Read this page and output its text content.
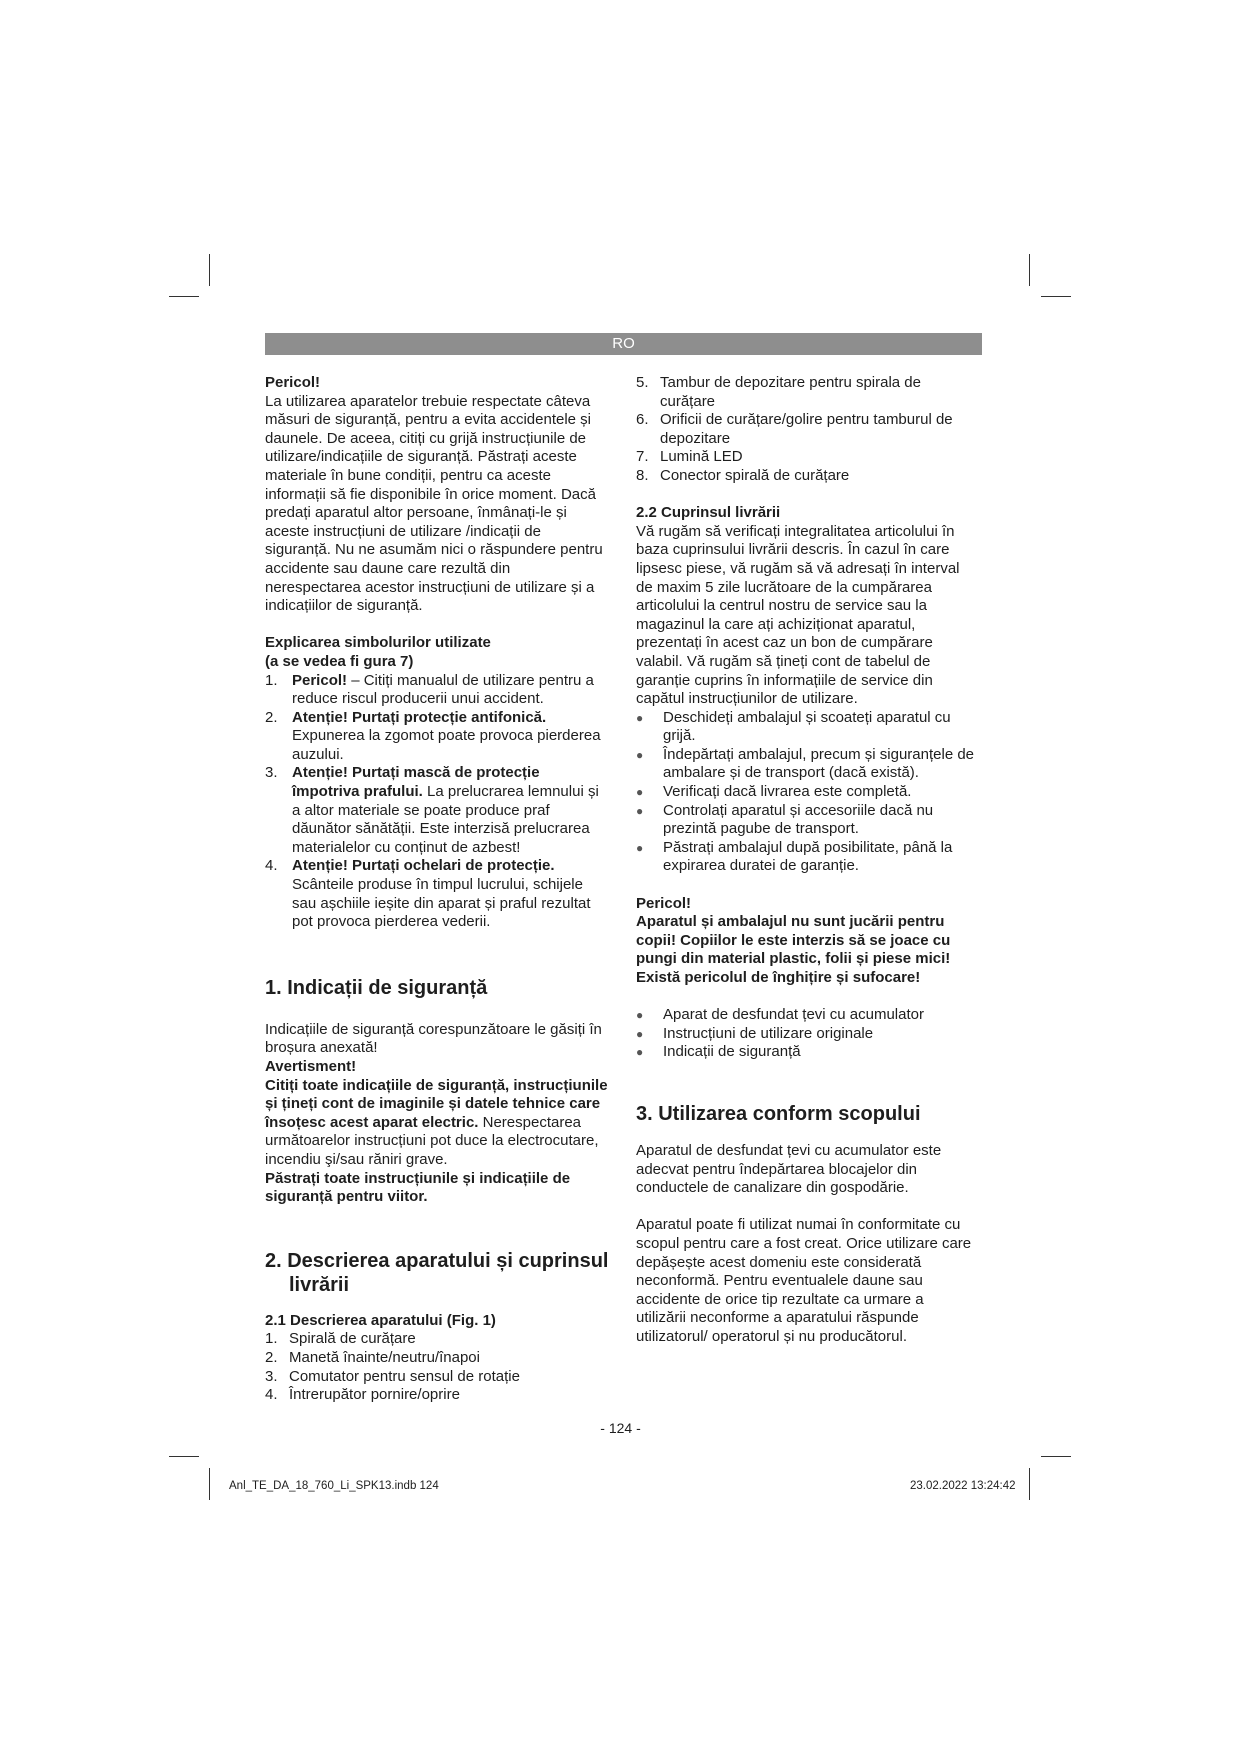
RO

Pericol!

La utilizarea aparatelor trebuie respectate câteva măsuri de siguranță, pentru a evita accidentele și daunele. De aceea, citiți cu grijă instrucțiunile de utilizare/indicațiile de siguranță. Păstrați aceste materiale în bune condiții, pentru ca aceste informații să fie disponibile în orice moment. Dacă predați aparatul altor persoane, înmânați-le și aceste instrucțiuni de utilizare /indicații de siguranță. Nu ne asumăm nici o răspundere pentru accidente sau daune care rezultă din nerespectarea acestor instrucțiuni de utilizare și a indicațiilor de siguranță.

Explicarea simbolurilor utilizate

(a se vedea fi gura 7)

1. Pericol! – Citiți manualul de utilizare pentru a reduce riscul producerii unui accident.
2. Atenție! Purtați protecție antifonică. Expunerea la zgomot poate provoca pierderea auzului.
3. Atenție! Purtați mască de protecție împotriva prafului. La prelucrarea lemnului și a altor materiale se poate produce praf dăunător sănătății. Este interzisă prelucrarea materialelor cu conținut de azbest!
4. Atenție! Purtați ochelari de protecție. Scânteile produse în timpul lucrului, schijele sau așchiile ieșite din aparat și praful rezultat pot provoca pierderea vederii.

1. Indicații de siguranță

Indicațiile de siguranță corespunzătoare le găsiți în broșura anexată!

Avertisment!

Citiți toate indicațiile de siguranță, instrucțiunile și țineți cont de imaginile și datele tehnice care însoțesc acest aparat electric. Nerespectarea următoarelor instrucțiuni pot duce la electrocutare, incendiu şi/sau răniri grave.

Păstrați toate instrucțiunile și indicațiile de siguranță pentru viitor.

2. Descrierea aparatului și cuprinsul livrării

2.1 Descrierea aparatului (Fig. 1)

1. Spirală de curățare
2. Manetă înainte/neutru/înapoi
3. Comutator pentru sensul de rotație
4. Întrerupător pornire/oprire
5. Tambur de depozitare pentru spirala de curățare
6. Orificii de curățare/golire pentru tamburul de depozitare
7. Lumină LED
8. Conector spirală de curățare

2.2 Cuprinsul livrării

Vă rugăm să verificați integralitatea articolului în baza cuprinsului livrării descris. În cazul în care lipsesc piese, vă rugăm să vă adresați în interval de maxim 5 zile lucrătoare de la cumpărarea articolului la centrul nostru de service sau la magazinul la care ați achiziționat aparatul, prezentați în acest caz un bon de cumpărare valabil. Vă rugăm să țineți cont de tabelul de garanție cuprins în informațiile de service din capătul instrucțiunilor de utilizare.

●	Deschideți ambalajul și scoateți aparatul cu grijă.
●	Îndepărtați ambalajul, precum și siguranțele de ambalare și de transport (dacă există).
●	Verificați dacă livrarea este completă.
●	Controlați aparatul și accesoriile dacă nu prezintă pagube de transport.
●	Păstrați ambalajul după posibilitate, până la expirarea duratei de garanție.

Pericol!

Aparatul și ambalajul nu sunt jucării pentru copii! Copiilor le este interzis să se joace cu pungi din material plastic, folii și piese mici! Există pericolul de înghițire și sufocare!

●	Aparat de desfundat țevi cu acumulator
●	Instrucțiuni de utilizare originale
●	Indicații de siguranță

3. Utilizarea conform scopului

Aparatul de desfundat țevi cu acumulator este adecvat pentru îndepărtarea blocajelor din conductele de canalizare din gospodărie.

Aparatul poate fi utilizat numai în conformitate cu scopul pentru care a fost creat. Orice utilizare care depășește acest domeniu este considerată neconformă. Pentru eventualele daune sau accidente de orice tip rezultate ca urmare a utilizării neconforme a aparatului răspunde utilizatorul/ operatorul și nu producătorul.

- 124 -
Anl_TE_DA_18_760_Li_SPK13.indb 124	23.02.2022 13:24:42
